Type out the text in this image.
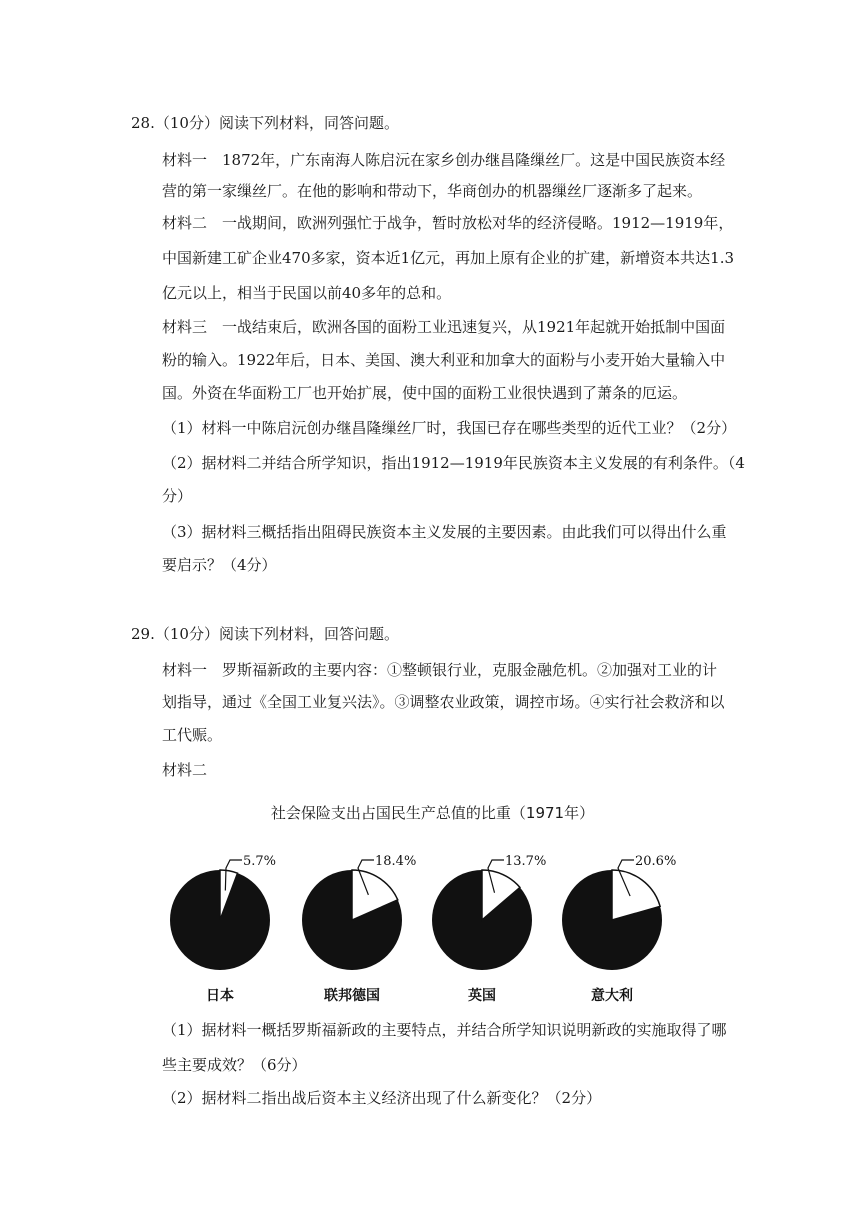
28.（10分）阅读下列材料，同答问题。
材料一　1872年，广东南海人陈启沅在家乡创办继昌隆缫丝厂。这是中国民族资本经
营的第一家缫丝厂。在他的影响和带动下，华商创办的机器缫丝厂逐渐多了起来。
材料二　一战期间，欧洲列强忙于战争，暂时放松对华的经济侵略。1912—1919年，
中国新建工矿企业470多家，资本近1亿元，再加上原有企业的扩建，新增资本共达1.3
亿元以上，相当于民国以前40多年的总和。
材料三　一战结束后，欧洲各国的面粉工业迅速复兴，从1921年起就开始抵制中国面
粉的输入。1922年后，日本、美国、澳大利亚和加拿大的面粉与小麦开始大量输入中
国。外资在华面粉工厂也开始扩展，使中国的面粉工业很快遇到了萧条的厄运。
（1）材料一中陈启沅创办继昌隆缫丝厂时，我国已存在哪些类型的近代工业？（2分）
（2）据材料二并结合所学知识，指出1912—1919年民族资本主义发展的有利条件。（4
分）
（3）据材料三概括指出阻碍民族资本主义发展的主要因素。由此我们可以得出什么重
要启示？（4分）
29.（10分）阅读下列材料，回答问题。
材料一　罗斯福新政的主要内容：①整顿银行业，克服金融危机。②加强对工业的计
划指导，通过《全国工业复兴法》。③调整农业政策，调控市场。④实行社会救济和以
工代赈。
材料二
社会保险支出占国民生产总值的比重（1971年）
5.7%
日本
18.4%
联邦德国
13.7%
英国
20.6%
意大利
（1）据材料一概括罗斯福新政的主要特点，并结合所学知识说明新政的实施取得了哪
些主要成效？（6分）
（2）据材料二指出战后资本主义经济出现了什么新变化？（2分）
